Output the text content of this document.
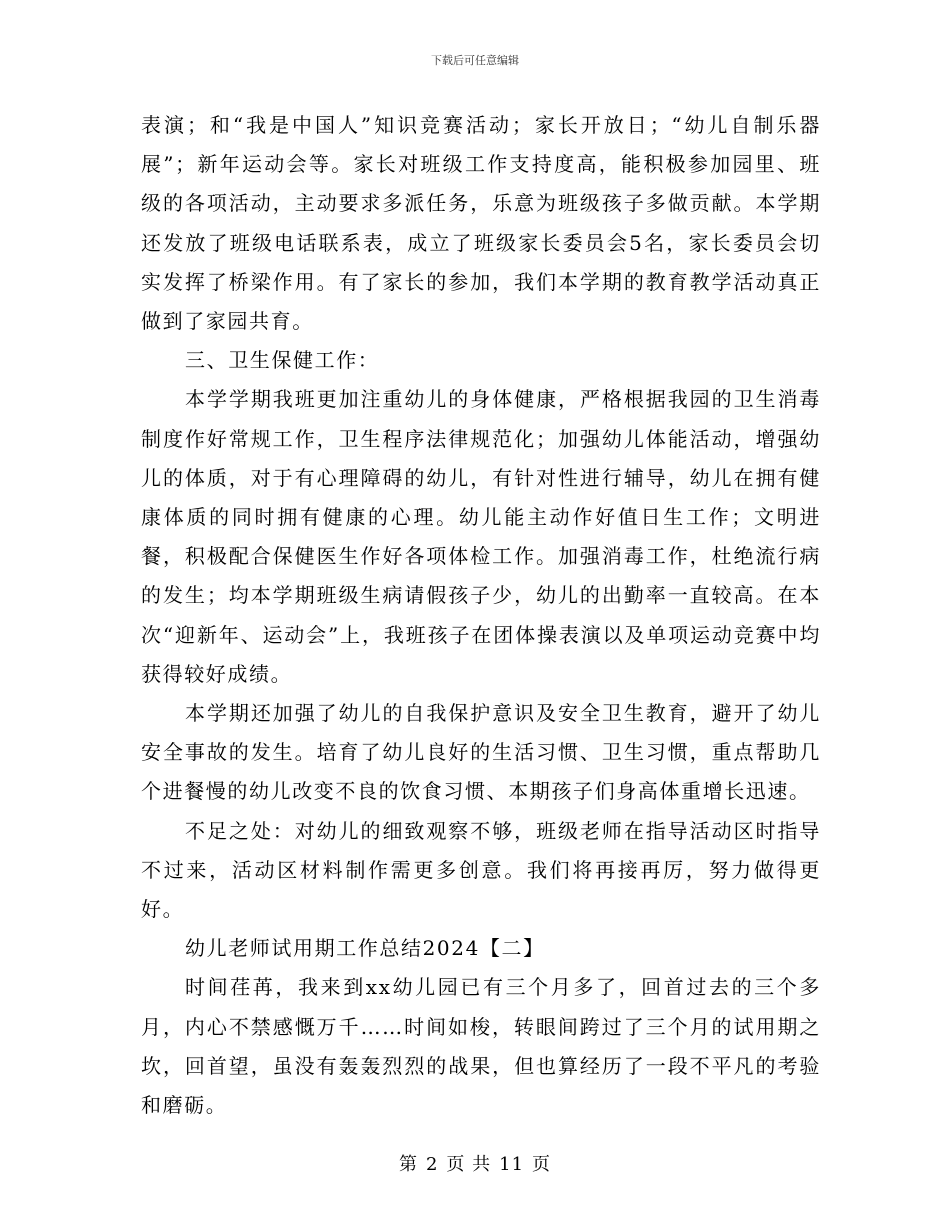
下载后可任意编辑

表演；和“我是中国人”知识竞赛活动；家长开放日；“幼儿自制乐器展”；新年运动会等。家长对班级工作支持度高，能积极参加园里、班级的各项活动，主动要求多派任务，乐意为班级孩子多做贡献。本学期还发放了班级电话联系表，成立了班级家长委员会5名，家长委员会切实发挥了桥梁作用。有了家长的参加，我们本学期的教育教学活动真正做到了家园共育。

三、卫生保健工作：

本学学期我班更加注重幼儿的身体健康，严格根据我园的卫生消毒制度作好常规工作，卫生程序法律规范化；加强幼儿体能活动，增强幼儿的体质，对于有心理障碍的幼儿，有针对性进行辅导，幼儿在拥有健康体质的同时拥有健康的心理。幼儿能主动作好值日生工作；文明进餐，积极配合保健医生作好各项体检工作。加强消毒工作，杜绝流行病的发生；均本学期班级生病请假孩子少，幼儿的出勤率一直较高。在本次“迎新年、运动会”上，我班孩子在团体操表演以及单项运动竞赛中均获得较好成绩。

本学期还加强了幼儿的自我保护意识及安全卫生教育，避开了幼儿安全事故的发生。培育了幼儿良好的生活习惯、卫生习惯，重点帮助几个进餐慢的幼儿改变不良的饮食习惯、本期孩子们身高体重增长迅速。

不足之处：对幼儿的细致观察不够，班级老师在指导活动区时指导不过来，活动区材料制作需更多创意。我们将再接再厉，努力做得更好。

幼儿老师试用期工作总结2024【二】

时间荏苒，我来到xx幼儿园已有三个月多了，回首过去的三个多月，内心不禁感慨万千……时间如梭，转眼间跨过了三个月的试用期之坎，回首望，虽没有轰轰烈烈的战果，但也算经历了一段不平凡的考验和磨砺。

第 2 页 共 11 页
